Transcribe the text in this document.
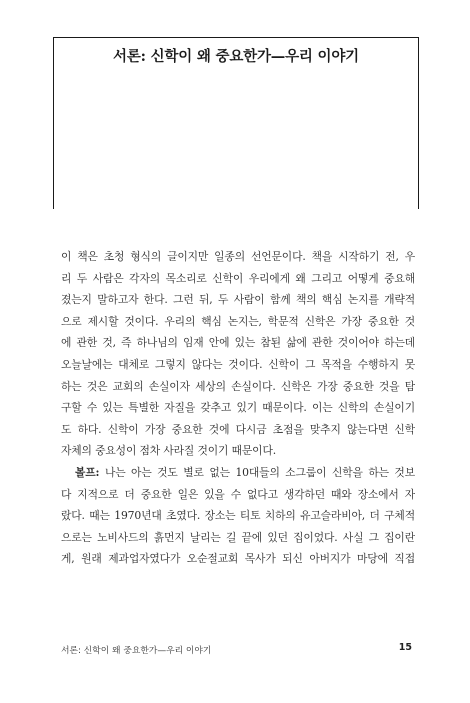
서론: 신학이 왜 중요한가—우리 이야기
이 책은 초청 형식의 글이지만 일종의 선언문이다. 책을 시작하기 전, 우
리 두 사람은 각자의 목소리로 신학이 우리에게 왜 그리고 어떻게 중요해
졌는지 말하고자 한다. 그런 뒤, 두 사람이 함께 책의 핵심 논지를 개략적
으로 제시할 것이다. 우리의 핵심 논지는, 학문적 신학은 가장 중요한 것
에 관한 것, 즉 하나님의 임재 안에 있는 참된 삶에 관한 것이어야 하는데
오늘날에는 대체로 그렇지 않다는 것이다. 신학이 그 목적을 수행하지 못
하는 것은 교회의 손실이자 세상의 손실이다. 신학은 가장 중요한 것을 탐
구할 수 있는 특별한 자질을 갖추고 있기 때문이다. 이는 신학의 손실이기
도 하다. 신학이 가장 중요한 것에 다시금 초점을 맞추지 않는다면 신학
자체의 중요성이 점차 사라질 것이기 때문이다.
볼프: 나는 아는 것도 별로 없는 10대들의 소그룹이 신학을 하는 것보
다 지적으로 더 중요한 일은 있을 수 없다고 생각하던 때와 장소에서 자
랐다. 때는 1970년대 초였다. 장소는 티토 치하의 유고슬라비아, 더 구체적
으로는 노비사드의 흙먼지 날리는 길 끝에 있던 집이었다. 사실 그 집이란
게, 원래 제과업자였다가 오순절교회 목사가 되신 아버지가 마당에 직접
서론: 신학이 왜 중요한가—우리 이야기	15
